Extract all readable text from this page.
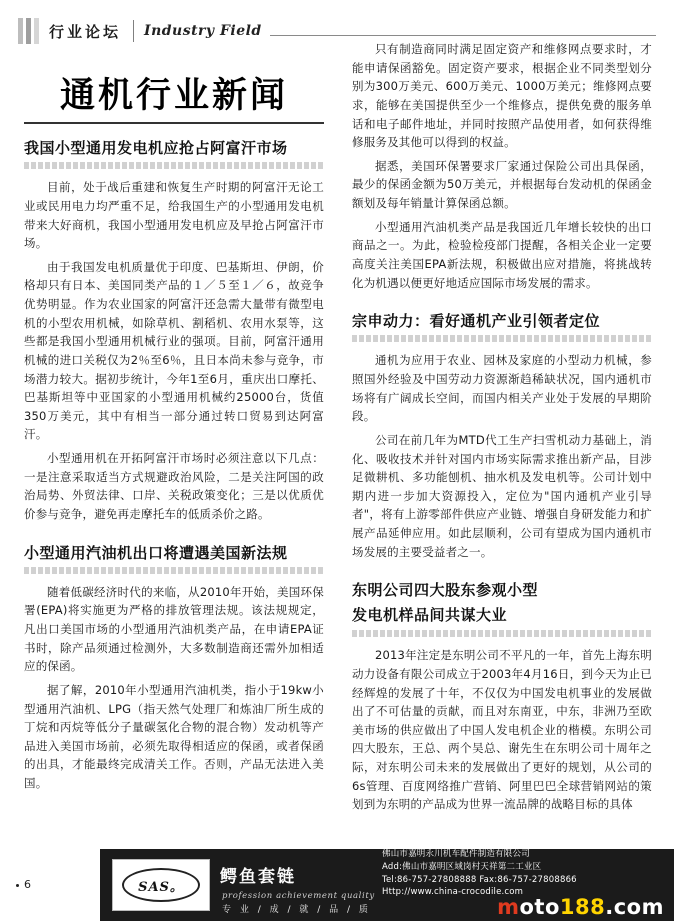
行业论坛	Industry Field
通机行业新闻
我国小型通用发电机应抢占阿富汗市场

目前，处于战后重建和恢复生产时期的阿富汗无论工业或民用电力均严重不足，给我国生产的小型通用发电机带来大好商机，我国小型通用发电机应及早抢占阿富汗市场。

由于我国发电机质量优于印度、巴基斯坦、伊朗，价格却只有日本、美国同类产品的１／５至１／６，故竞争优势明显。作为农业国家的阿富汗还急需大量带有微型电机的小型农用机械，如除草机、割稻机、农用水泵等，这些都是我国小型通用机械行业的强项。目前，阿富汗通用机械的进口关税仅为2％至6％，且日本尚未参与竞争，市场潜力较大。据初步统计，今年1至6月，重庆出口摩托、巴基斯坦等中亚国家的小型通用机械约25000台，货值350万美元，其中有相当一部分通过转口贸易到达阿富汗。

小型通用机在开拓阿富汗市场时必须注意以下几点：一是注意采取适当方式规避政治风险，二是关注阿国的政治局势、外贸法律、口岸、关税政策变化；三是以优质优价参与竞争，避免再走摩托车的低质杀价之路。

小型通用汽油机出口将遭遇美国新法规

随着低碳经济时代的来临，从2010年开始，美国环保署(EPA)将实施更为严格的排放管理法规。该法规规定，凡出口美国市场的小型通用汽油机类产品，在申请EPA证书时，除产品须通过检测外，大多数制造商还需外加相适应的保函。

据了解，2010年小型通用汽油机类，指小于19kw小型通用汽油机、LPG（指天然气处理厂和炼油厂所生成的丁烷和丙烷等低分子量碳氢化合物的混合物）发动机等产品进入美国市场前，必须先取得相适应的保函，或者保函的出具，才能最终完成清关工作。否则，产品无法进入美国。

只有制造商同时满足固定资产和维修网点要求时，才能申请保函豁免。固定资产要求，根据企业不同类型划分别为300万美元、600万美元、1000万美元；维修网点要求，能够在美国提供至少一个维修点，提供免费的服务单话和电子邮件地址，并同时按照产品使用者，如何获得维修服务及其他可以得到的权益。

据悉，美国环保署要求厂家通过保险公司出具保函，最少的保函金额为50万美元，并根据每台发动机的保函金额划及每年销量计算保函总额。

小型通用汽油机类产品是我国近几年增长较快的出口商品之一。为此，检验检疫部门提醒，各相关企业一定要高度关注美国EPA新法规，积极做出应对措施，将挑战转化为机遇以便更好地适应国际市场发展的需求。

宗申动力：看好通机产业引领者定位

通机为应用于农业、园林及家庭的小型动力机械，参照国外经验及中国劳动力资源渐趋稀缺状况，国内通机市场将有广阔成长空间，而国内相关产业处于发展的早期阶段。

公司在前几年为MTD代工生产扫雪机动力基础上，消化、吸收技术并针对国内市场实际需求推出新产品，目涉足微耕机、多功能刨机、抽水机及发电机等。公司计划中期内进一步加大资源投入，定位为"国内通机产业引导者"，将有上游零部件供应产业链、增强自身研发能力和扩展产品延伸应用。如此层顺利，公司有望成为国内通机市场发展的主要受益者之一。

东明公司四大股东参观小型
发电机样品间共谋大业

2013年注定是东明公司不平凡的一年，首先上海东明动力设备有限公司成立于2003年4月16日，到今天为止已经辉煌的发展了十年，不仅仅为中国发电机事业的发展做出了不可估量的贡献，而且对东南亚，中东，非洲乃至欧美市场的供应做出了中国人发电机企业的楷模。东明公司四大股东，王总、两个吴总、谢先生在东明公司十周年之际，对东明公司未来的发展做出了更好的规划，从公司的6s管理、百度网络推广营销、阿里巴巴全球营销网站的策划到为东明的产品成为世界一流品牌的战略目标的具体

6	SAS。	鳄鱼套链
profession achievement quality
专 业 / 成 / 就 / 品 / 质
佛山市嘉明永川机车配件制造有限公司
Add:佛山市嘉明区域岗村天祥第二工业区
Tel:86-757-27808888 Fax:86-757-27808866
Http://www.china-crocodile.com
moto188.com
